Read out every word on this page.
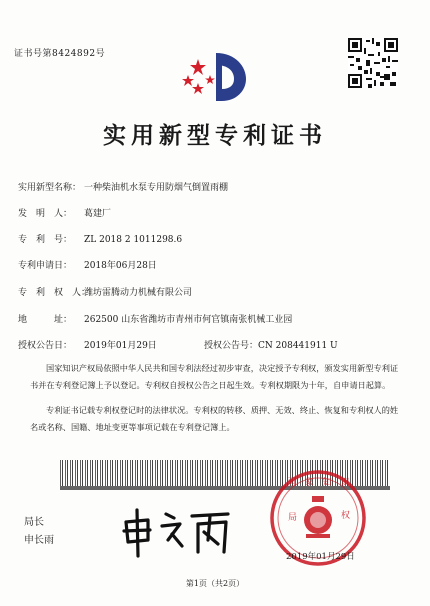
证书号第8424892号
实用新型专利证书
实用新型名称： 一种柴油机水泵专用防烟气倒置雨棚
发　明　人： 葛建厂
专　利　号： ZL 2018 2 1011298.6
专利申请日： 2018年06月28日
专　利　权　人：潍坊雷腾动力机械有限公司
地　　　址： 262500 山东省潍坊市青州市何官镇南张机械工业园
授权公告日： 2019年01月29日	授权公告号：CN 208441911 U
国家知识产权局依照中华人民共和国专利法经过初步审查，决定授予专利权，颁发实用新型专利证书并在专利登记簿上予以登记。专利权自授权公告之日起生效。专利权期限为十年，自申请日起算。
专利证书记载专利权登记时的法律状况。专利权的转移、质押、无效、终止、恢复和专利权人的姓名或名称、国籍、地址变更等事项记载在专利登记簿上。
局长
申长雨
国　家　知　识
局	权
2019年01月29日
第1页（共2页）
